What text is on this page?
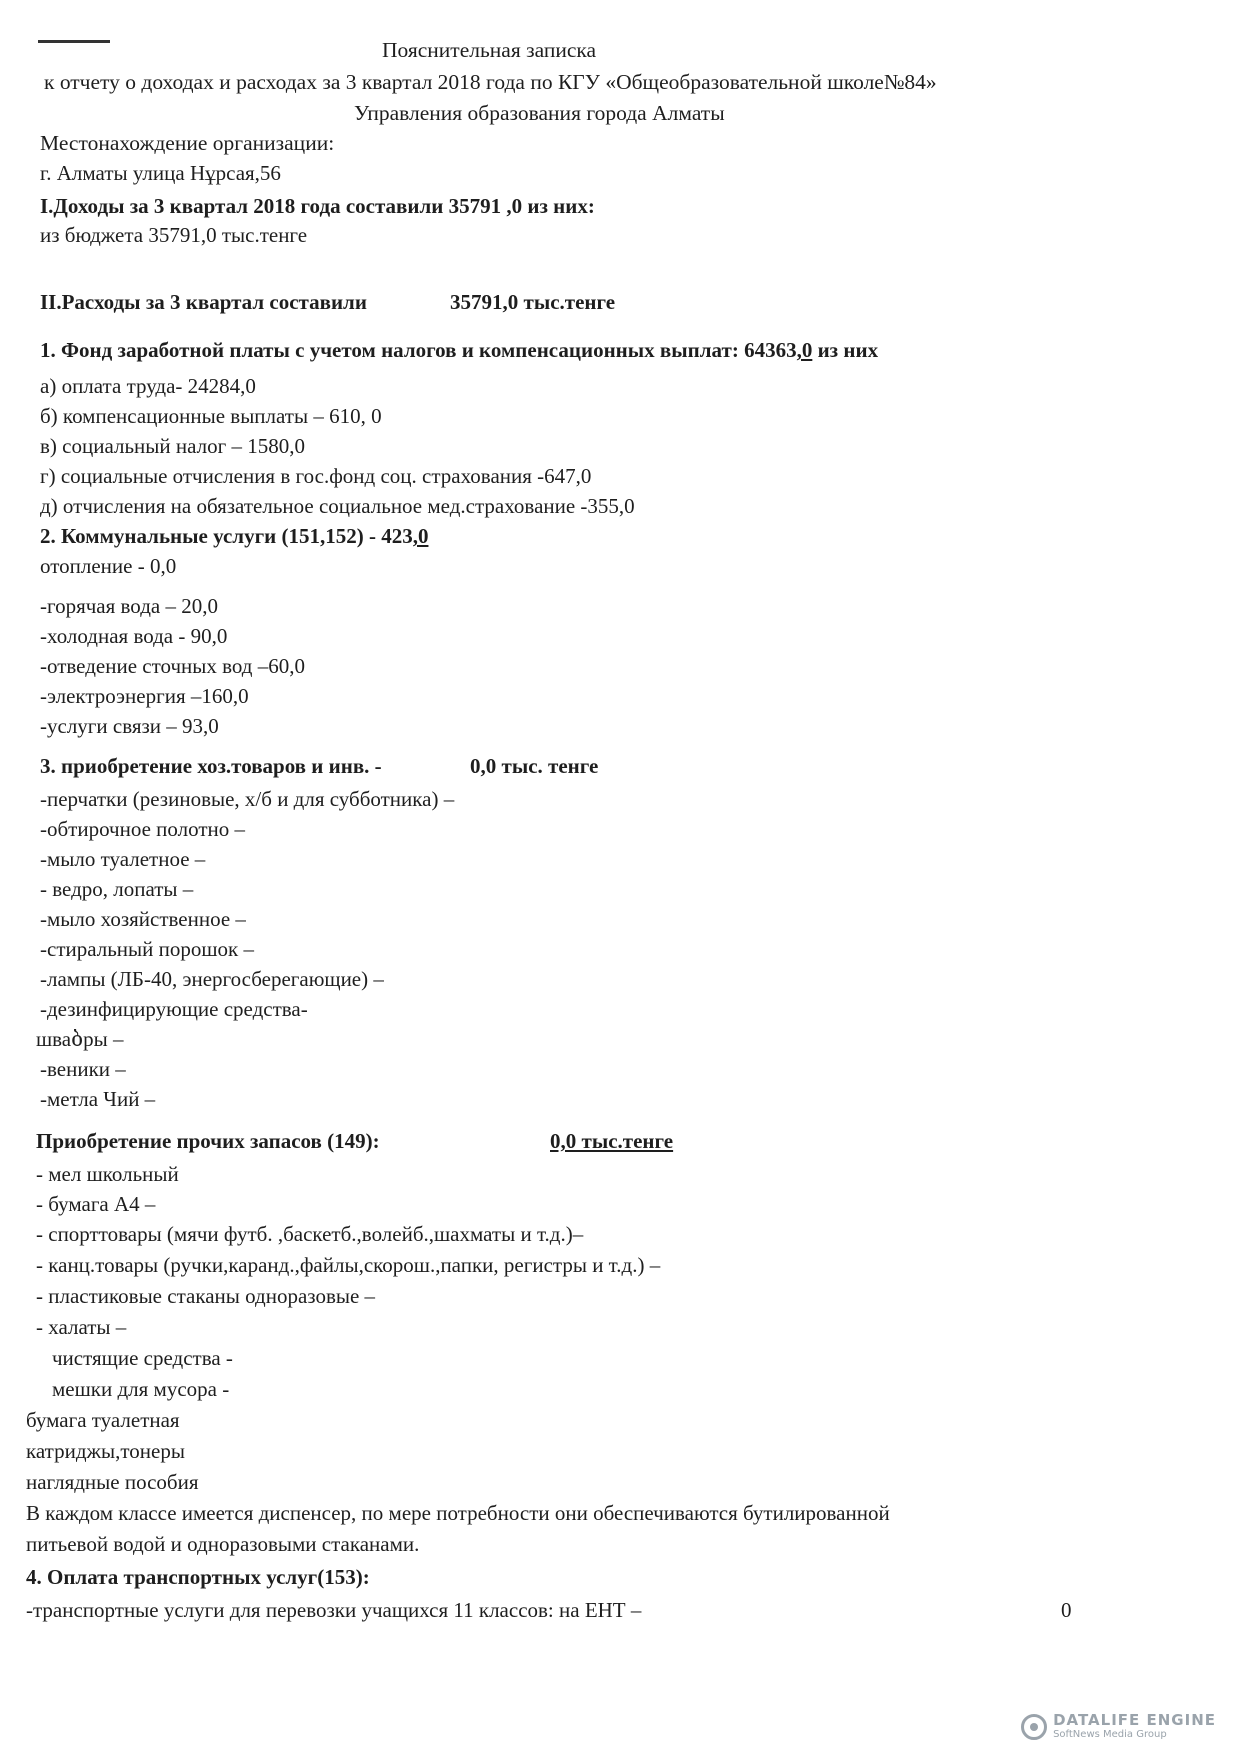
Пояснительная записка
к отчету о доходах и расходах за 3 квартал 2018 года по КГУ «Общеобразовательной школе№84»
Управления образования города Алматы
Местонахождение организации:
г. Алматы улица Нұрсая,56
I.Доходы за 3 квартал 2018 года составили 35791 ,0 из них:
из бюджета 35791,0 тыс.тенге
II.Расходы за 3 квартал составили	35791,0 тыс.тенге
1. Фонд заработной платы с учетом налогов и компенсационных выплат: 64363,0 из них
а) оплата труда- 24284,0
б) компенсационные выплаты – 610, 0
в) социальный налог – 1580,0
г) социальные отчисления в гос.фонд соц. страхования -647,0
д) отчисления на обязательное социальное мед.страхование -355,0
2. Коммунальные услуги (151,152) - 423,0
отопление - 0,0
-горячая вода – 20,0
-холодная вода - 90,0
-отведение сточных вод –60,0
-электроэнергия –160,0
-услуги связи – 93,0
3. приобретение хоз.товаров и инв. -	0,0 тыс. тенге
-перчатки (резиновые, х/б и для субботника) –
-обтирочное полотно –
-мыло туалетное –
- ведро, лопаты –
-мыло хозяйственное –
-стиральный порошок –
-лампы (ЛБ-40, энергосберегающие) –
-дезинфицирующие средства-
шваბры –
-веники –
-метла Чий –
Приобретение прочих запасов (149):	0,0 тыс.тенге
- мел школьный
- бумага А4 –
- спорттовары (мячи футб. ,баскетб.,волейб.,шахматы и т.д.)–
- канц.товары (ручки,каранд.,файлы,скорош.,папки, регистры и т.д.) –
- пластиковые стаканы одноразовые –
- халаты –
чистящие средства -
мешки для мусора -
бумага туалетная
катриджы,тонеры
наглядные пособия
В каждом классе имеется диспенсер, по мере потребности они обеспечиваются бутилированной
питьевой водой и одноразовыми стаканами.
4. Оплата транспортных услуг(153):
-транспортные услуги для перевозки учащихся 11 классов: на ЕНТ –	0
DATALIFE ENGINE
SoftNews Media Group
